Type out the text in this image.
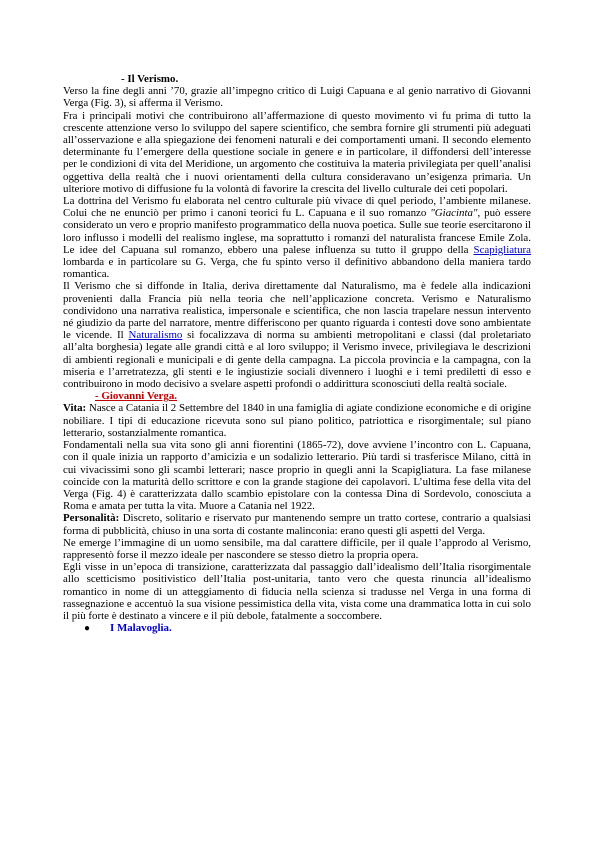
- Il Verismo.

Verso la fine degli anni ’70, grazie all’impegno critico di Luigi Capuana e al genio narrativo di Giovanni Verga (Fig. 3), si afferma il Verismo.

Fra i principali motivi che contribuirono all’affermazione di questo movimento vi fu prima di tutto la crescente attenzione verso lo sviluppo del sapere scientifico, che sembra fornire gli strumenti più adeguati all’osservazione e alla spiegazione dei fenomeni naturali e dei comportamenti umani. Il secondo elemento determinante fu l’emergere della questione sociale in genere e in particolare, il diffondersi dell’interesse per le condizioni di vita del Meridione, un argomento che costituiva la materia privilegiata per quell’analisi oggettiva della realtà che i nuovi orientamenti della cultura consideravano un’esigenza primaria. Un ulteriore motivo di diffusione fu la volontà di favorire la crescita del livello culturale dei ceti popolari.

La dottrina del Verismo fu elaborata nel centro culturale più vivace di quel periodo, l’ambiente milanese. Colui che ne enunciò per primo i canoni teorici fu L. Capuana e il suo romanzo "Giacinta", può essere considerato un vero e proprio manifesto programmatico della nuova poetica. Sulle sue teorie esercitarono il loro influsso i modelli del realismo inglese, ma soprattutto i romanzi del naturalista francese Emile Zola. Le idee del Capuana sul romanzo, ebbero una palese influenza su tutto il gruppo della Scapigliatura lombarda e in particolare su G. Verga, che fu spinto verso il definitivo abbandono della maniera tardo romantica.

Il Verismo che si diffonde in Italia, deriva direttamente dal Naturalismo, ma è fedele alla indicazioni provenienti dalla Francia più nella teoria che nell’applicazione concreta. Verismo e Naturalismo condividono una narrativa realistica, impersonale e scientifica, che non lascia trapelare nessun intervento né giudizio da parte del narratore, mentre differiscono per quanto riguarda i contesti dove sono ambientate le vicende. Il Naturalismo si focalizzava di norma su ambienti metropolitani e classi (dal proletariato all’alta borghesia) legate alle grandi città e al loro sviluppo; il Verismo invece, privilegiava le descrizioni di ambienti regionali e municipali e di gente della campagna. La piccola provincia e la campagna, con la miseria e l’arretratezza, gli stenti e le ingiustizie sociali divennero i luoghi e i temi prediletti di esso e contribuirono in modo decisivo a svelare aspetti profondi o addirittura sconosciuti della realtà sociale.

- Giovanni Verga.

Vita: Nasce a Catania il 2 Settembre del 1840 in una famiglia di agiate condizione economiche e di origine nobiliare. I tipi di educazione ricevuta sono sul piano politico, patriottica e risorgimentale; sul piano letterario, sostanzialmente romantica.

Fondamentali nella sua vita sono gli anni fiorentini (1865-72), dove avviene l’incontro con L. Capuana, con il quale inizia un rapporto d’amicizia e un sodalizio letterario. Più tardi si trasferisce Milano, città in cui vivacissimi sono gli scambi letterari; nasce proprio in quegli anni la Scapigliatura. La fase milanese coincide con la maturità dello scrittore e con la grande stagione dei capolavori. L’ultima fese della vita del Verga (Fig. 4) è caratterizzata dallo scambio epistolare con la contessa Dina di Sordevolo, conosciuta a Roma e amata per tutta la vita. Muore a Catania nel 1922.

Personalità: Discreto, solitario e riservato pur mantenendo sempre un tratto cortese, contrario a qualsiasi forma di pubblicità, chiuso in una sorta di costante malinconia: erano questi gli aspetti del Verga.

Ne emerge l’immagine di un uomo sensibile, ma dal carattere difficile, per il quale l’approdo al Verismo, rappresentò forse il mezzo ideale per nascondere se stesso dietro la propria opera.

Egli visse in un’epoca di transizione, caratterizzata dal passaggio dall’idealismo dell’Italia risorgimentale allo scetticismo positivistico dell’Italia post-unitaria, tanto vero che questa rinuncia all’idealismo romantico in nome di un atteggiamento di fiducia nella scienza si tradusse nel Verga in una forma di rassegnazione e accentuò la sua visione pessimistica della vita, vista come una drammatica lotta in cui solo il più forte è destinato a vincere e il più debole, fatalmente a soccombere.

●	I Malavoglia.
